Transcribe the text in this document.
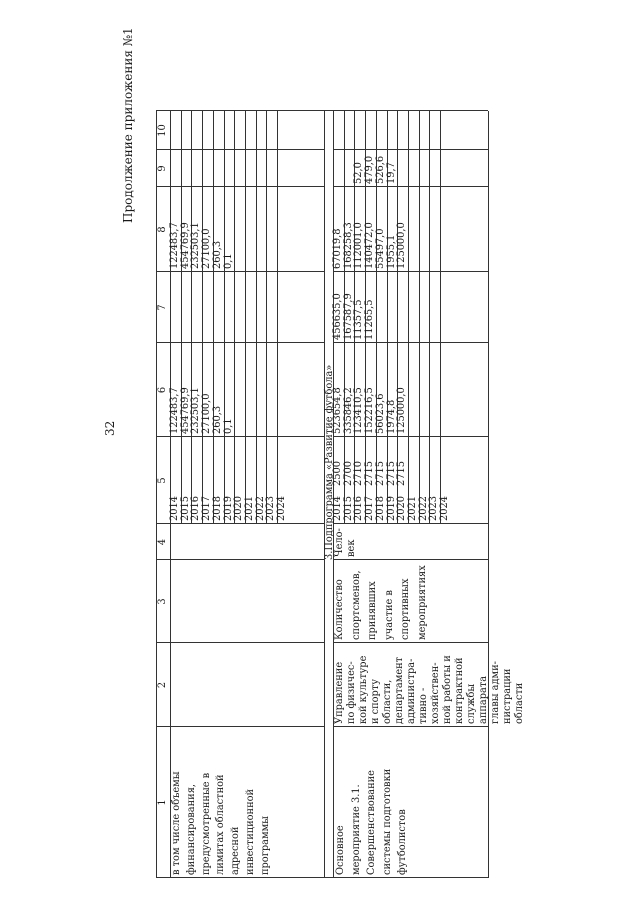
32
Продолжение приложения №1
1
2
3
4
5
6
7
8
9
10
в том числе объемы финансирования, предусмотренные в лимитах областной адресной инвестиционной программы
2014 2015 2016 2017 2018 2019 2020 2021 2022 2023 2024
122483,7 454769,9 232503,1 27100,0 260,3 0,1
122483,7 454769,9 232503,1 27100,0 260,3 0,1
3.Подпрограмма «Развитие футбола»
Основное мероприятие 3.1. Совершенствование системы подготовки футболистов
Управление по физичес- кой культуре и спорту области, департамент администра- тивно - хозяйствен- ной работы и контрактной службы аппарата главы адми- нистрации области
Количество спортсменов, принявших участие в спортивных мероприятиях
Чело- век
2014 2015 2016 2017 2018 2019 2020 2021 2022 2023 2024
2500 2700 2710 2715 2715 2715 2715
523654,8 335846,2 123410,5 152216,5 56023,6 1974,8 125000,0
456635,0 167587,9 11357,5 11265,5
67019,8 168258,3 112001,0 140472,0 55497,0 1955,1 125000,0
52,0 479,0 526,6 19,7
